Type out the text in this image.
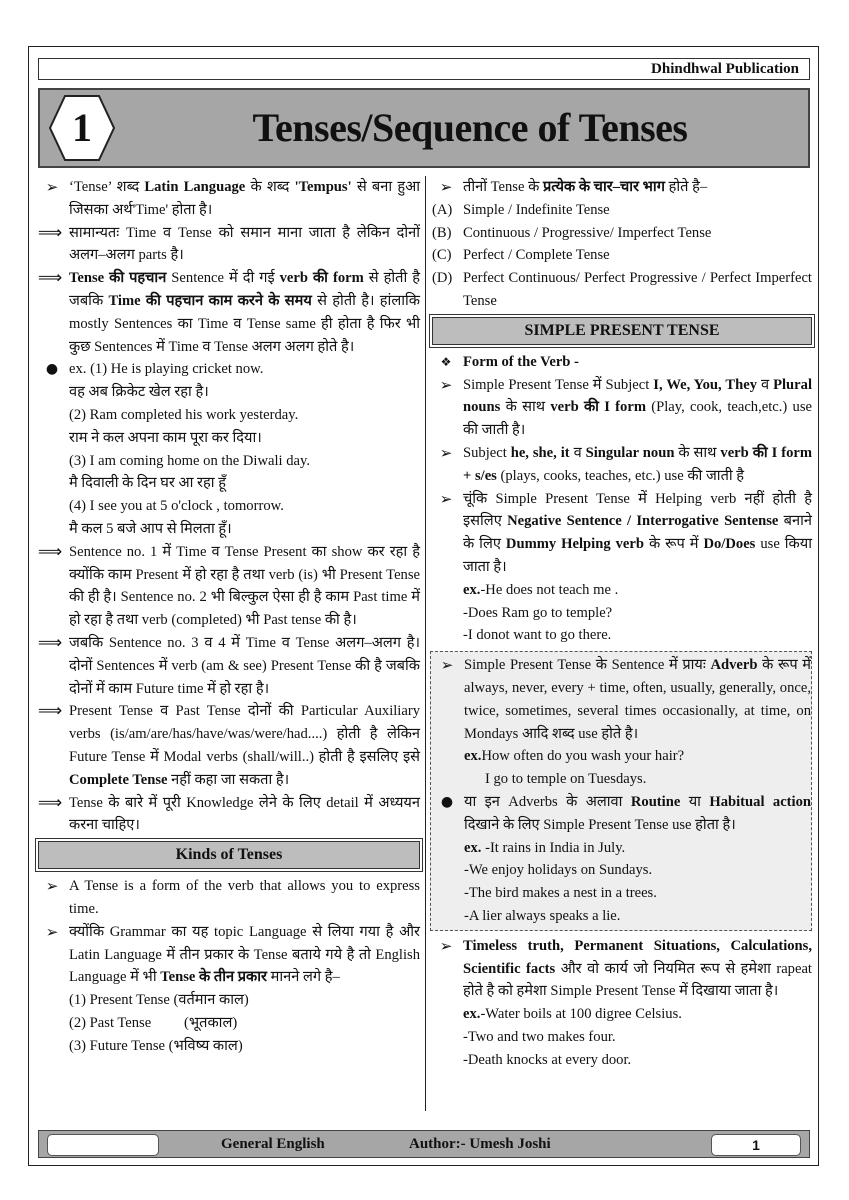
Dhindhwal Publication
1	Tenses/Sequence of Tenses
➢ ‘Tense’ शब्द Latin Language के शब्द 'Tempus' से बना हुआ जिसका अर्थ'Time' होता है।
⟹ सामान्यतः Time व Tense को समान माना जाता है लेकिन दोनों अलग–अलग parts है।
⟹ Tense की पहचान Sentence में दी गई verb की form से होती है जबकि Time की पहचान काम करने के समय से होती है। हांलाकि mostly Sentences का Time व Tense same ही होता है फिर भी कुछ Sentences में Time व Tense अलग अलग होते है।
● ex. (1) He is playing cricket now.
वह अब क्रिकेट खेल रहा है।
(2) Ram completed his work yesterday.
राम ने कल अपना काम पूरा कर दिया।
(3) I am coming home on the Diwali day.
मै दिवाली के दिन घर आ रहा हूँ
(4) I see you at 5 o'clock , tomorrow.
मै कल 5 बजे आप से मिलता हूँ।
⟹ Sentence no. 1 में Time व Tense Present का show कर रहा है क्योंकि काम Present में हो रहा है तथा verb (is) भी Present Tense की ही है। Sentence no. 2 भी बिल्कुल ऐसा ही है काम Past time में हो रहा है तथा verb (completed) भी Past tense की है।
⟹ जबकि Sentence no. 3 व 4 में Time व Tense अलग–अलग है। दोनों Sentences में verb (am & see) Present Tense की है जबकि दोनों में काम Future time में हो रहा है।
⟹ Present Tense व Past Tense दोनों की Particular Auxiliary verbs (is/am/are/has/have/was/were/had....) होती है लेकिन Future Tense में Modal verbs (shall/will..) होती है इसलिए इसे Complete Tense नहीं कहा जा सकता है।
⟹ Tense के बारे में पूरी Knowledge लेने के लिए detail में अध्ययन करना चाहिए।
Kinds of Tenses
➢ A Tense is a form of the verb that allows you to express time.
➢ क्योंकि Grammar का यह topic Language से लिया गया है और Latin Language में तीन प्रकार के Tense बताये गये है तो English Language में भी Tense के तीन प्रकार मानने लगे है–
(1) Present Tense (वर्तमान काल)
(2) Past Tense         (भूतकाल)
(3) Future Tense (भविष्य काल)
➢ तीनों Tense के प्रत्येक के चार–चार भाग होते है–
(A) Simple / Indefinite Tense
(B) Continuous / Progressive/ Imperfect Tense
(C) Perfect / Complete Tense
(D) Perfect Continuous/ Perfect Progressive / Perfect Imperfect Tense
SIMPLE PRESENT TENSE
❖ Form of the Verb -
➢ Simple Present Tense में Subject I, We, You, They व Plural nouns के साथ verb की I form (Play, cook, teach,etc.) use की जाती है।
➢ Subject he, she, it व Singular noun के साथ verb की I form + s/es (plays, cooks, teaches, etc.) use की जाती है
➢ चूंकि Simple Present Tense में Helping verb नहीं होती है इसलिए Negative Sentence / Interrogative Sentense बनाने के लिए Dummy Helping verb के रूप में Do/Does use किया जाता है।
ex.-He does not teach me .
-Does Ram go to temple?
-I donot want to go there.
➢ Simple Present Tense के Sentence में प्रायः Adverb के रूप में always, never, every + time, often, usually, generally, once, twice, sometimes, several times occasionally, at time, on Mondays आदि शब्द use होते है।
ex.How often do you wash your hair?
I go to temple on Tuesdays.
● या इन Adverbs के अलावा Routine या Habitual action दिखाने के लिए Simple Present Tense use होता है।
ex. -It rains in India in July.
-We enjoy holidays on Sundays.
-The bird makes a nest in a trees.
-A lier always speaks a lie.
➢ Timeless truth, Permanent Situations, Calculations, Scientific facts और वो कार्य जो नियमित रूप से हमेशा rapeat होते है को हमेशा Simple Present Tense में दिखाया जाता है।
ex.-Water boils at 100 digree Celsius.
-Two and two makes four.
-Death knocks at every door.
General English	Author:- Umesh Joshi	1
